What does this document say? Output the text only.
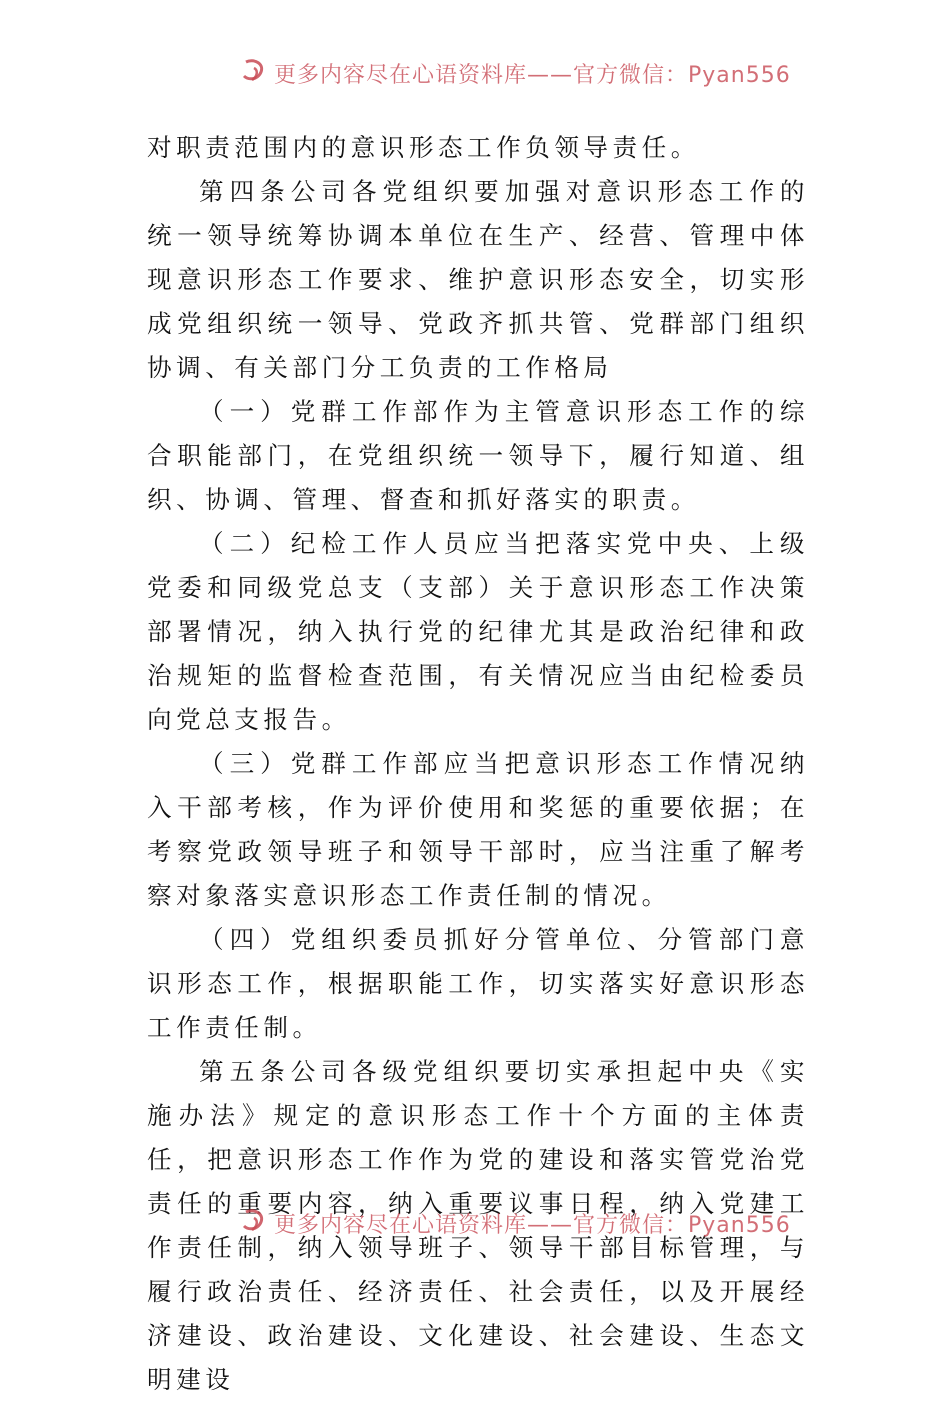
更多内容尽在心语资料库——官方微信：Pyan556

对职责范围内的意识形态工作负领导责任。

第四条公司各党组织要加强对意识形态工作的统一领导统筹协调本单位在生产、经营、管理中体现意识形态工作要求、维护意识形态安全，切实形成党组织统一领导、党政齐抓共管、党群部门组织协调、有关部门分工负责的工作格局

（一）党群工作部作为主管意识形态工作的综合职能部门，在党组织统一领导下，履行知道、组织、协调、管理、督查和抓好落实的职责。

（二）纪检工作人员应当把落实党中央、上级党委和同级党总支（支部）关于意识形态工作决策部署情况，纳入执行党的纪律尤其是政治纪律和政治规矩的监督检查范围，有关情况应当由纪检委员向党总支报告。

（三）党群工作部应当把意识形态工作情况纳入干部考核，作为评价使用和奖惩的重要依据；在考察党政领导班子和领导干部时，应当注重了解考察对象落实意识形态工作责任制的情况。

（四）党组织委员抓好分管单位、分管部门意识形态工作，根据职能工作，切实落实好意识形态工作责任制。

第五条公司各级党组织要切实承担起中央《实施办法》规定的意识形态工作十个方面的主体责任，把意识形态工作作为党的建设和落实管党治党责任的重要内容，纳入重要议事日程，纳入党建工作责任制，纳入领导班子、领导干部目标管理，与履行政治责任、经济责任、社会责任，以及开展经济建设、政治建设、文化建设、社会建设、生态文明建设

更多内容尽在心语资料库——官方微信：Pyan556
